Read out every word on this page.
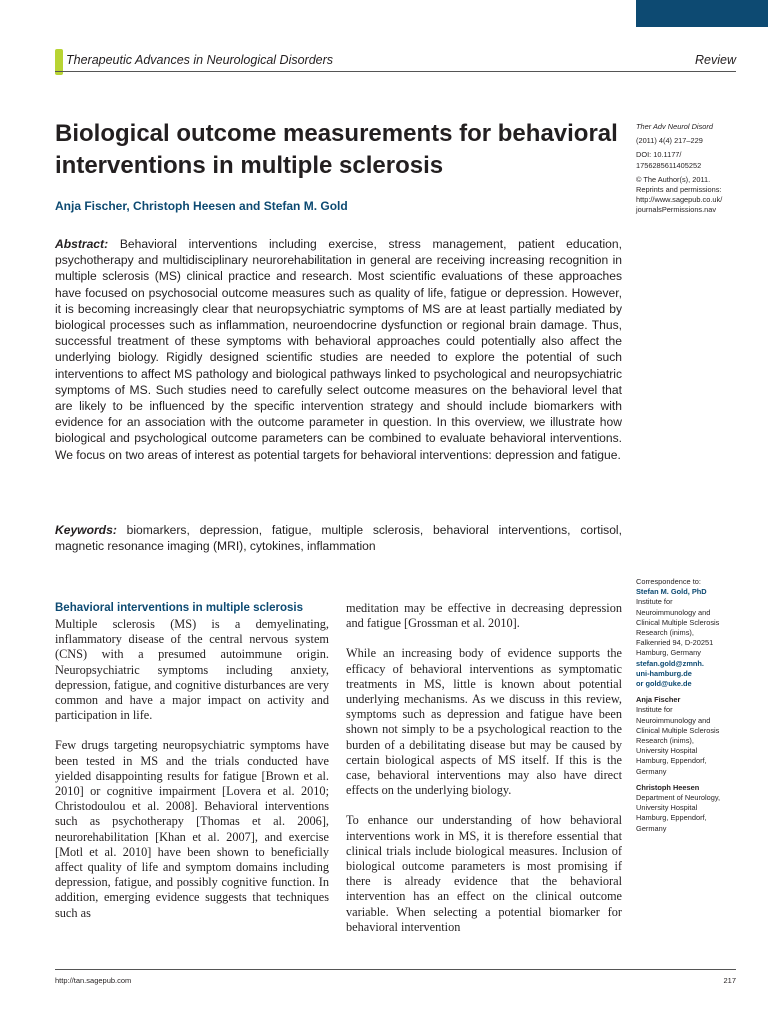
Therapeutic Advances in Neurological Disorders	Review
Biological outcome measurements for behavioral interventions in multiple sclerosis
Anja Fischer, Christoph Heesen and Stefan M. Gold

Abstract: Behavioral interventions including exercise, stress management, patient education, psychotherapy and multidisciplinary neurorehabilitation in general are receiving increasing recognition in multiple sclerosis (MS) clinical practice and research. Most scientific evaluations of these approaches have focused on psychosocial outcome measures such as quality of life, fatigue or depression. However, it is becoming increasingly clear that neuropsychiatric symptoms of MS are at least partially mediated by biological processes such as inflammation, neuroendocrine dysfunction or regional brain damage. Thus, successful treatment of these symptoms with behavioral approaches could potentially also affect the underlying biology. Rigidly designed scientific studies are needed to explore the potential of such interventions to affect MS pathology and biological pathways linked to psychological and neuropsychiatric symptoms of MS. Such studies need to carefully select outcome measures on the behavioral level that are likely to be influenced by the specific intervention strategy and should include biomarkers with evidence for an association with the outcome parameter in question. In this overview, we illustrate how biological and psychological outcome parameters can be combined to evaluate behavioral interventions. We focus on two areas of interest as potential targets for behavioral interventions: depression and fatigue.

Keywords: biomarkers, depression, fatigue, multiple sclerosis, behavioral interventions, cortisol, magnetic resonance imaging (MRI), cytokines, inflammation

Ther Adv Neurol Disord

(2011) 4(4) 217–229

DOI: 10.1177/

1756285611405252

© The Author(s), 2011.

Reprints and permissions:

http://www.sagepub.co.uk/

journalsPermissions.nav

Correspondence to:

Stefan M. Gold, PhD

Institute for

Neuroimmunology and

Clinical Multiple Sclerosis

Research (inims),

Falkenried 94, D-20251

Hamburg, Germany

stefan.gold@zmnh.

uni-hamburg.de

or gold@uke.de

Anja Fischer

Institute for

Neuroimmunology and

Clinical Multiple Sclerosis

Research (inims),

University Hospital

Hamburg, Eppendorf,

Germany

Christoph Heesen

Department of Neurology,

University Hospital

Hamburg, Eppendorf,

Germany

Behavioral interventions in multiple sclerosis

Multiple sclerosis (MS) is a demyelinating, inflammatory disease of the central nervous system (CNS) with a presumed autoimmune origin. Neuropsychiatric symptoms including anxiety, depression, fatigue, and cognitive disturbances are very common and have a major impact on activity and participation in life.

Few drugs targeting neuropsychiatric symptoms have been tested in MS and the trials conducted have yielded disappointing results for fatigue [Brown et al. 2010] or cognitive impairment [Lovera et al. 2010; Christodoulou et al. 2008]. Behavioral interventions such as psychotherapy [Thomas et al. 2006], neurorehabilitation [Khan et al. 2007], and exercise [Motl et al. 2010] have been shown to beneficially affect quality of life and symptom domains including depression, fatigue, and possibly cognitive function. In addition, emerging evidence suggests that techniques such as

meditation may be effective in decreasing depression and fatigue [Grossman et al. 2010].

While an increasing body of evidence supports the efficacy of behavioral interventions as symptomatic treatments in MS, little is known about potential underlying mechanisms. As we discuss in this review, symptoms such as depression and fatigue have been shown not simply to be a psychological reaction to the burden of a debilitating disease but may be caused by certain biological aspects of MS itself. If this is the case, behavioral interventions may also have direct effects on the underlying biology.

To enhance our understanding of how behavioral interventions work in MS, it is therefore essential that clinical trials include biological measures. Inclusion of biological outcome parameters is most promising if there is already evidence that the behavioral intervention has an effect on the clinical outcome variable. When selecting a potential biomarker for behavioral intervention

http://tan.sagepub.com	217
